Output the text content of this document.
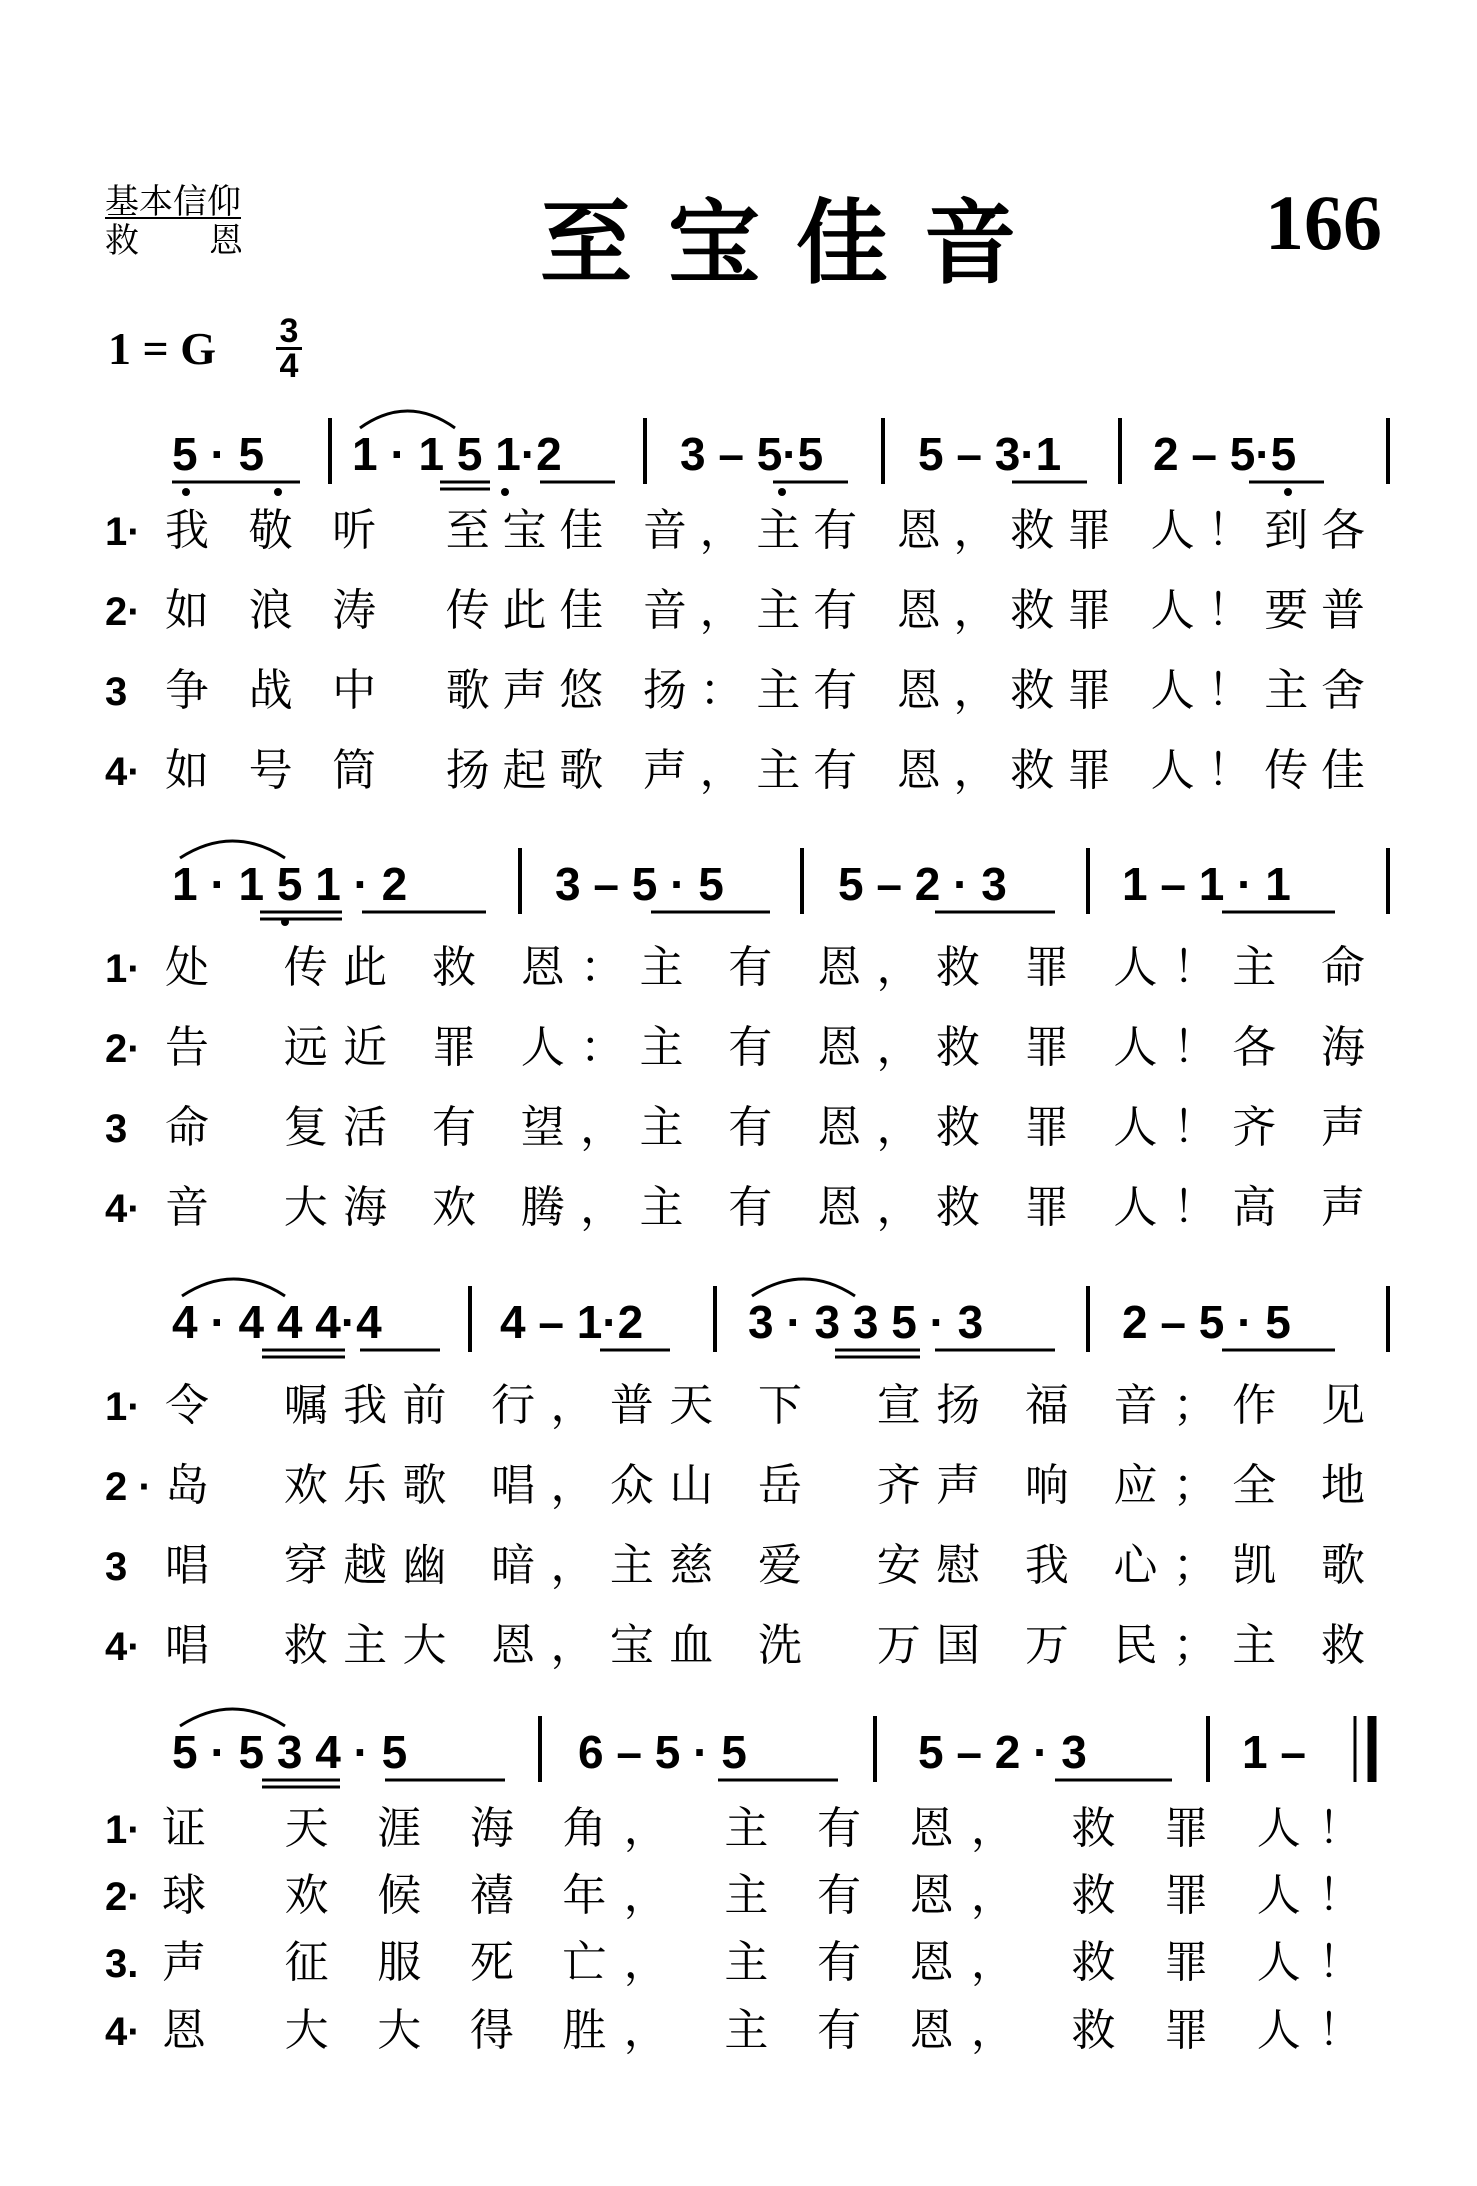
基本信仰
救　恩	至宝佳音	166
1 = G 3
4
5 · 5 1 · 1 5 1·2	3 – 5·5 5 – 3·1 2 – 5·5
1 · 1 5 1 · 2	3 – 5 · 5 5 – 2 · 3	1 – 1 · 1
4 · 4 4 4·4	4 – 1·2 3 · 3 3 5 · 3	2 – 5 · 5
5 · 5 3 4 · 5	6 – 5 · 5	5 – 2 · 3	1 –
1· 我 敬 听　至宝佳 音，主有 恩，救罪 人！到各
2· 如 浪 涛　传此佳 音，主有 恩，救罪 人！要普
3 争 战 中　歌声悠 扬：主有 恩，救罪 人！主舍
4· 如 号 筒　扬起歌 声，主有 恩，救罪 人！传佳
1· 处　传此 救 恩：主 有 恩，救 罪 人！主 命
2· 告　远近 罪 人：主 有 恩，救 罪 人！各 海
3 命　复活 有 望，主 有 恩，救 罪 人！齐 声
4· 音　大海 欢 腾，主 有 恩，救 罪 人！高 声
1· 令　嘱我前 行，普天 下　宣扬 福 音；作 见
2 · 岛　欢乐歌 唱，众山 岳　齐声 响 应；全 地
3 唱　穿越幽 暗，主慈 爱　安慰 我 心；凯 歌
4· 唱　救主大 恩，宝血 洗　万国 万 民；主 救
1· 证　天 涯 海 角，　主 有 恩，　救 罪 人！
2· 球　欢 候 禧 年，　主 有 恩，　救 罪 人！
3. 声　征 服 死 亡，　主 有 恩，　救 罪 人！
4· 恩　大 大 得 胜，　主 有 恩，　救 罪 人！
